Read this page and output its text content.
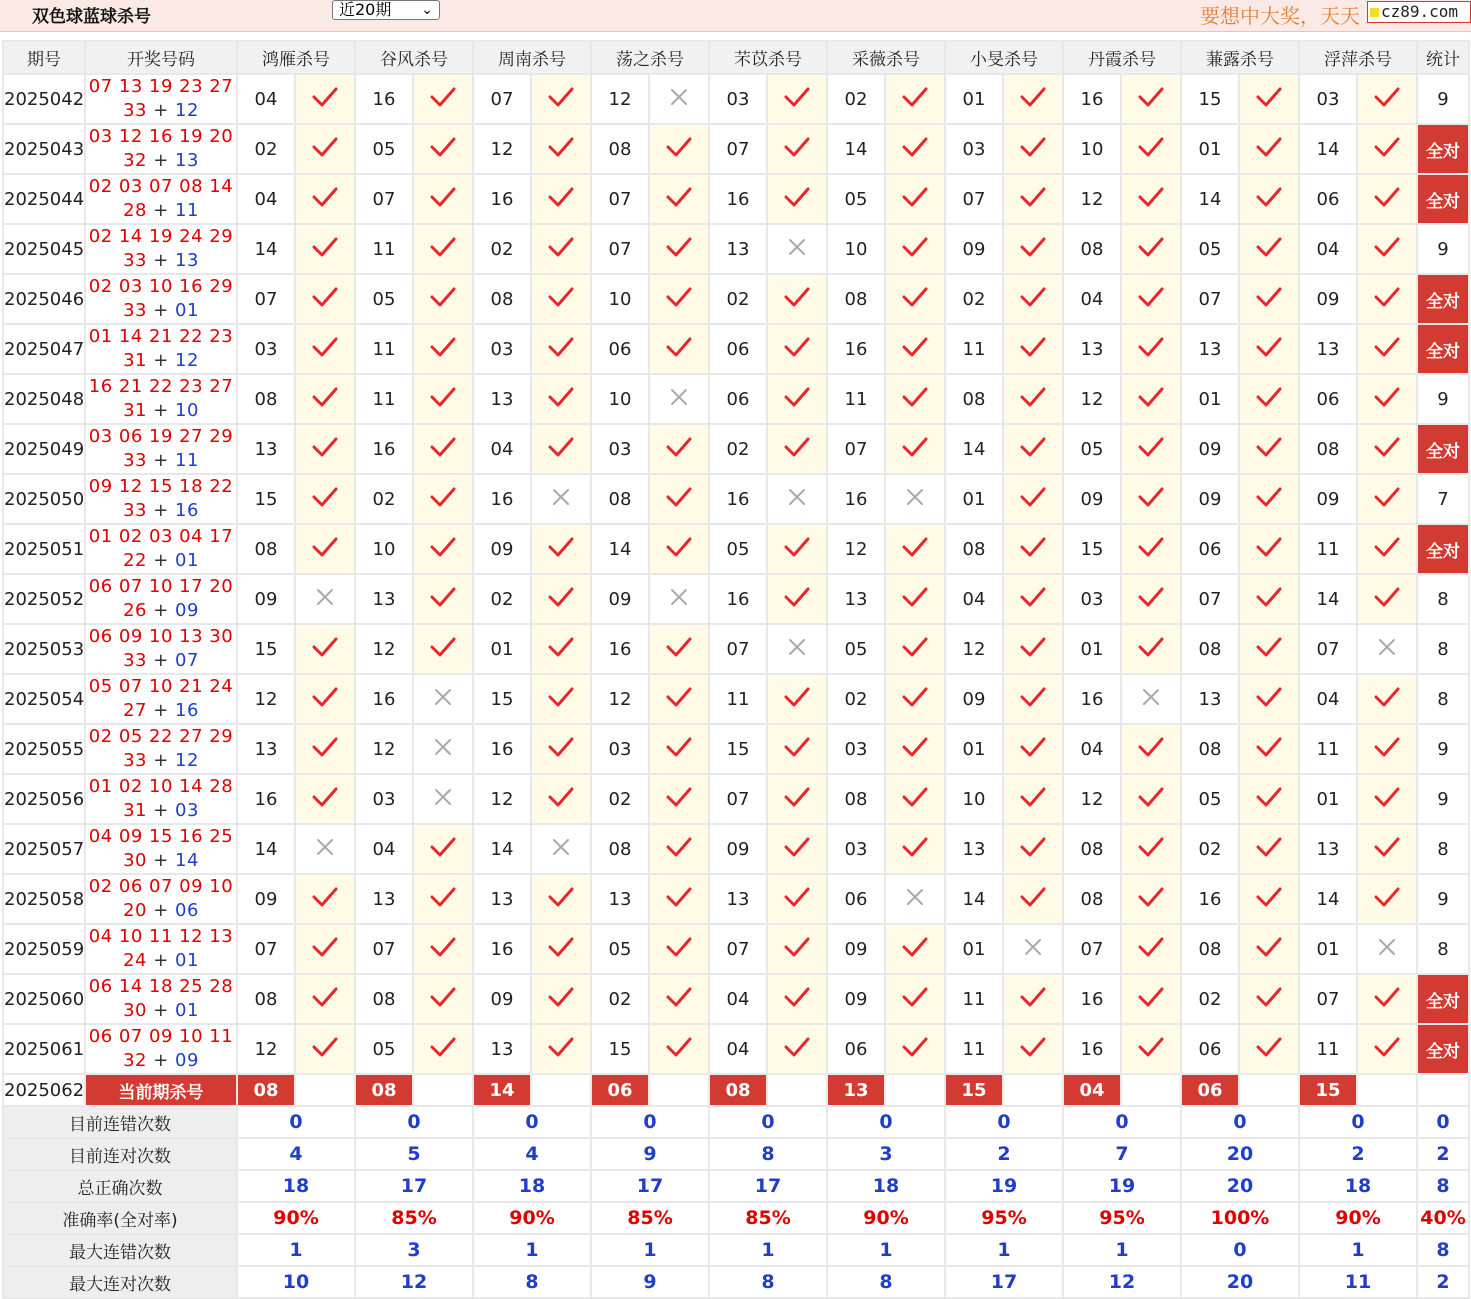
双色球蓝球杀号	近20期 ⌄	要想中大奖，天天	cz89.com
期号	开奖号码	鸿雁杀号		谷风杀号		周南杀号		荡之杀号		芣苡杀号		采薇杀号		小旻杀号		丹霞杀号		蒹露杀号		浮萍杀号		统计
2025042	07 13 19 23 27
33 + 12	04		16		07		12		03		02		01		16		15		03		9
2025043	03 12 16 19 20
32 + 13	02		05		12		08		07		14		03		10		01		14		全对
2025044	02 03 07 08 14
28 + 11	04		07		16		07		16		05		07		12		14		06		全对
2025045	02 14 19 24 29
33 + 13	14		11		02		07		13		10		09		08		05		04		9
2025046	02 03 10 16 29
33 + 01	07		05		08		10		02		08		02		04		07		09		全对
2025047	01 14 21 22 23
31 + 12	03		11		03		06		06		16		11		13		13		13		全对
2025048	16 21 22 23 27
31 + 10	08		11		13		10		06		11		08		12		01		06		9
2025049	03 06 19 27 29
33 + 11	13		16		04		03		02		07		14		05		09		08		全对
2025050	09 12 15 18 22
33 + 16	15		02		16		08		16		16		01		09		09		09		7
2025051	01 02 03 04 17
22 + 01	08		10		09		14		05		12		08		15		06		11		全对
2025052	06 07 10 17 20
26 + 09	09		13		02		09		16		13		04		03		07		14		8
2025053	06 09 10 13 30
33 + 07	15		12		01		16		07		05		12		01		08		07		8
2025054	05 07 10 21 24
27 + 16	12		16		15		12		11		02		09		16		13		04		8
2025055	02 05 22 27 29
33 + 12	13		12		16		03		15		03		01		04		08		11		9
2025056	01 02 10 14 28
31 + 03	16		03		12		02		07		08		10		12		05		01		9
2025057	04 09 15 16 25
30 + 14	14		04		14		08		09		03		13		08		02		13		8
2025058	02 06 07 09 10
20 + 06	09		13		13		13		13		06		14		08		16		14		9
2025059	04 10 11 12 13
24 + 01	07		07		16		05		07		09		01		07		08		01		8
2025060	06 14 18 25 28
30 + 01	08		08		09		02		04		09		11		16		02		07		全对
2025061	06 07 09 10 11
32 + 09	12		05		13		15		04		06		11		16		06		11		全对
2025062	当前期杀号	08		08		14		06		08		13		15		04		06		15		
目前连错次数		0		0		0		0		0		0		0		0		0		0		0
目前连对次数		4		5		4		9		8		3		2		7		20		2		2
总正确次数		18		17		18		17		17		18		19		19		20		18		8
准确率(全对率)		90%		85%		90%		85%		85%		90%		95%		95%		100%		90%		40%
最大连错次数		1		3		1		1		1		1		1		1		0		1		8
最大连对次数		10		12		8		9		8		8		17		12		20		11		2
